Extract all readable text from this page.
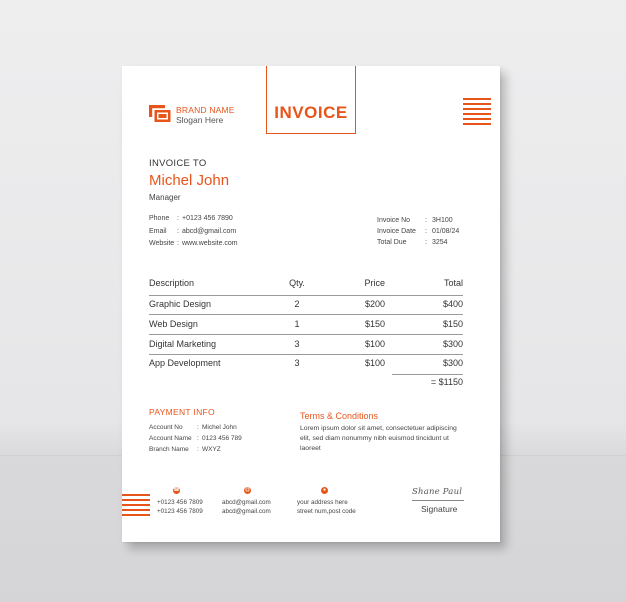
BRAND NAME
Slogan Here	INVOICE
INVOICE TO
Michel John
Manager
Phone : +0123 456 7890
Email : abcd@gmail.com
Website : www.website.com
Invoice No : 3H100
Invoice Date : 01/08/24
Total Due	: 3254
Description	Qty.	Price	Total
Graphic Design	2	$200	$400
Web Design	1	$150	$150
Digital Marketing	3	$100	$300
App Development	3	$100	$300
= $1150
PAYMENT INFO
Account No : Michel John
Account Name : 0123 456 789
Branch Name : WXYZ
Terms & Conditions
Lorem ipsum dolor sit amet, consectetuer adipiscing elit, sed diam nonummy nibh euismod tincidunt ut laoreet
☎
+0123 456 7809
+0123 456 7809
@
abcd@gmail.com
abcd@gmail.com
●
your address here
street num,post code
Shane Paul
Signature
